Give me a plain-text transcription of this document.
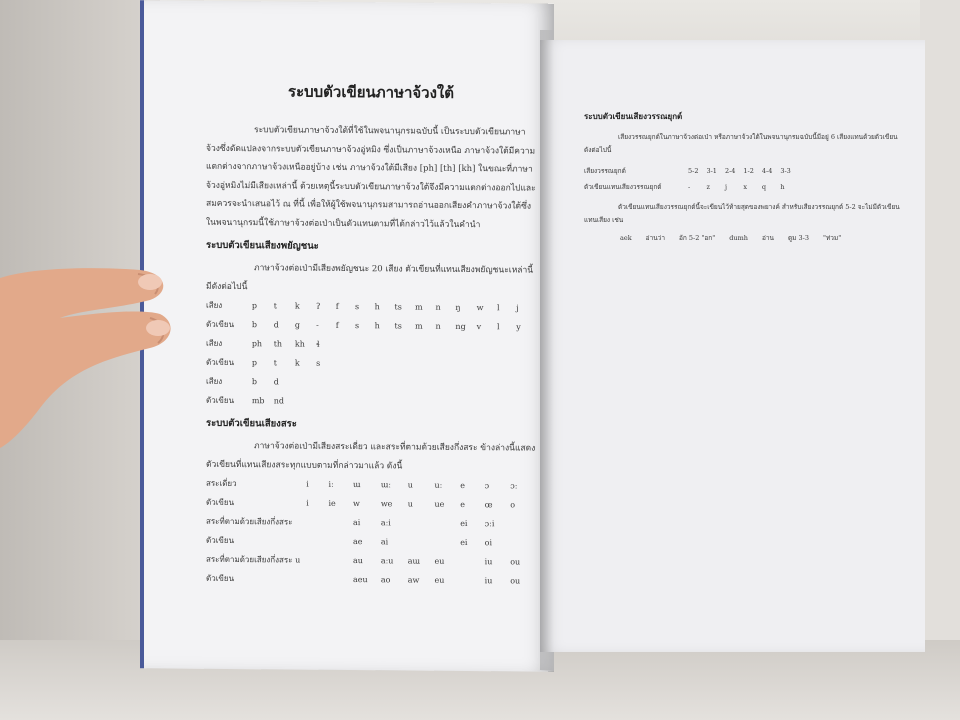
ระบบตัวเขียนภาษาจ้วงใต้

ระบบตัวเขียนภาษาจ้วงใต้ที่ใช้ในพจนานุกรมฉบับนี้ เป็นระบบตัวเขียนภาษาจ้วงซึ่งดัดแปลงจากระบบตัวเขียนภาษาจ้วงอู่หมิง ซึ่งเป็นภาษาจ้วงเหนือ ภาษาจ้วงใต้มีความแตกต่างจากภาษาจ้วงเหนืออยู่บ้าง เช่น ภาษาจ้วงใต้มีเสียง [ph] [th] [kh] ในขณะที่ภาษาจ้วงอู่หมิงไม่มีเสียงเหล่านี้ ด้วยเหตุนี้ระบบตัวเขียนภาษาจ้วงใต้จึงมีความแตกต่างออกไปและสมควรจะนำเสนอไว้ ณ ที่นี้ เพื่อให้ผู้ใช้พจนานุกรมสามารถอ่านออกเสียงคำภาษาจ้วงใต้ซึ่งในพจนานุกรมนี้ใช้ภาษาจ้วงต่อเป่าเป็นตัวแทนตามที่ได้กล่าวไว้แล้วในคำนำ

ระบบตัวเขียนเสียงพยัญชนะ

ภาษาจ้วงต่อเป่ามีเสียงพยัญชนะ 20 เสียง ตัวเขียนที่แทนเสียงพยัญชนะเหล่านี้มีดังต่อไปนี้

เสียง	p	t	k	ʔ	f	s	h	ts	m	n	ŋ	w	l	j
ตัวเขียน	b	d	g	-	f	s	h	ts	m	n	ng	v	l	y
เสียง	ph	th	kh	ɬ										
ตัวเขียน	p	t	k	s										
เสียง	b	d												
ตัวเขียน	mb	nd												

ระบบตัวเขียนเสียงสระ

ภาษาจ้วงต่อเป่ามีเสียงสระเดี่ยว และสระที่ตามด้วยเสียงกึ่งสระ ข้างล่างนี้แสดงตัวเขียนที่แทนเสียงสระทุกแบบตามที่กล่าวมาแล้ว ดังนี้

สระเดี่ยว	i	iː	ɯ	ɯː	u	uː	e	ɔ	ɔː
ตัวเขียน	i	ie	w	we	u	ue	e	œ	o
สระที่ตามด้วยเสียงกึ่งสระ			ai	aːi			ei	ɔːi	
ตัวเขียน			ae	ai			ei	oi	
สระที่ตามด้วยเสียงกึ่งสระ u			au	aːu	aɯ	eu		iu	ou
ตัวเขียน			aeu	ao	aw	eu		iu	ou

ระบบตัวเขียนเสียงวรรณยุกต์

เสียงวรรณยุกต์ในภาษาจ้วงต่อเป่า หรือภาษาจ้วงใต้ในพจนานุกรมฉบับนี้มีอยู่ 6 เสียงแทนด้วยตัวเขียนดังต่อไปนี้

เสียงวรรณยุกต์	5-2	3-1	2-4	1-2	4-4	3-3
ตัวเขียนแทนเสียงวรรณยุกต์	-	z	j	x	q	h

ตัวเขียนแทนเสียงวรรณยุกต์นี้จะเขียนไว้ท้ายสุดของพยางค์ สำหรับเสียงวรรณยุกต์ 5-2 จะไม่มีตัวเขียนแทนเสียง เช่น

aek อ่านว่า อัก 5-2 "อก" dumh อ่าน ดูม 3-3 "ท่วม"
